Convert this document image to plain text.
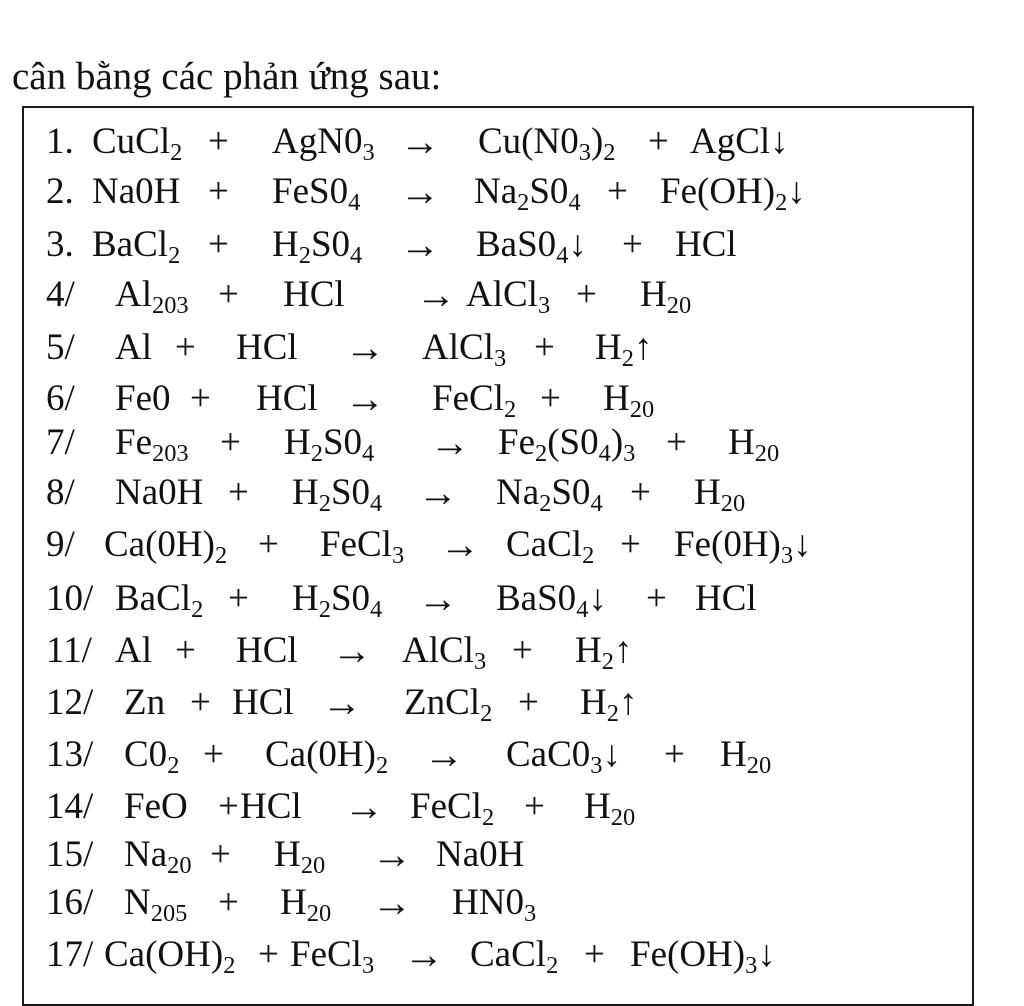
cân bằng các phản ứng sau:
1. CuCl$_2$ + $AgN0_3 \to Cu(N0_3)_2$ + AgCl↓
2. $Na0H + FeS0_4 \to Na_2S0_4$ + $Fe(OH)_2↓$
3. BaCl$_2$ + $H_2S0_4$ → $BaS0_4↓$ + HCl
4/ $Al_{203}$ + HCl → AlCl$_3$ + $H_{20}$
5/ Al + HCl → AlCl$_3$ + $H_2↑$
6/ Fe0 + HCl → FeCl$_2$ + $H_{20}$
7/ $Fe_{203} + H_2S0_4 \to Fe_2(S0_4)_3 + H_{20}$
8/ $Na0H + H_2S0_4 \to Na_2S0_4 + H_{20}$
9/ $Ca(0H)_2$ + FeCl$_3$ → CaCl$_2$ + $Fe(0H)_3↓$
10/ BaCl$_2$ + $H_2S0_4$ → $BaS0_4↓$ + HCl
11/ Al + HCl → AlCl$_3$ + $H_2↑$
12/ Zn + HCl → ZnCl$_2$ + $H_2↑$
13/ $C0_2 + Ca(0H)_2$ → $CaC0_3↓ + H_{20}$
14/ FeO + HCl → FeCl$_2$ + $H_{20}$
15/ $Na_{20} + H_{20} \to Na0H$
16/ $N_{205} + H_{20} \to HN0_3$
17/ $Ca(OH)_2$ + FeCl$_3$ → CaCl$_2$ + $Fe(OH)_3↓$
